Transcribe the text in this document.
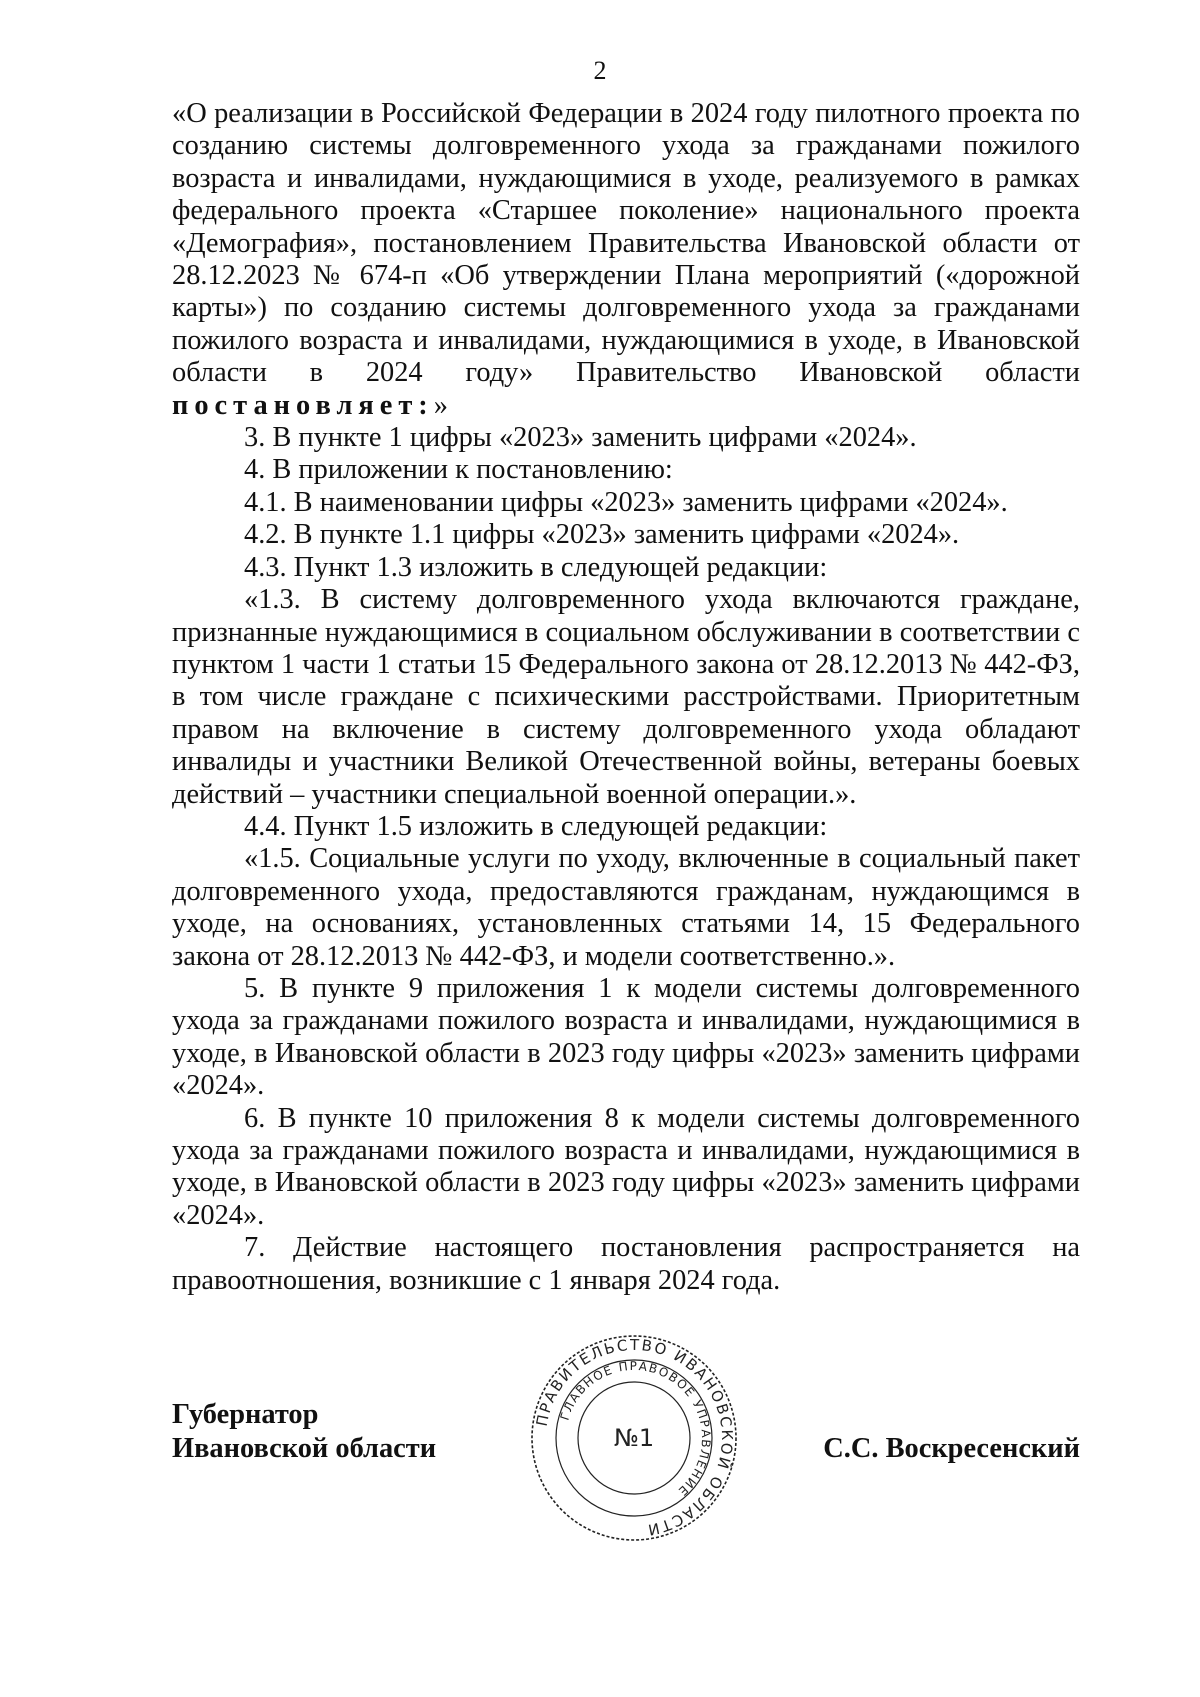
2

«О реализации в Российской Федерации в 2024 году пилотного проекта по созданию системы долговременного ухода за гражданами пожилого возраста и инвалидами, нуждающимися в уходе, реализуемого в рамках федерального проекта «Старшее поколение» национального проекта «Демография», постановлением Правительства Ивановской области от 28.12.2023 № 674-п «Об утверждении Плана мероприятий («дорожной карты») по созданию системы долговременного ухода за гражданами пожилого возраста и инвалидами, нуждающимися в уходе, в Ивановской области в 2024 году» Правительство Ивановской области

постановляет:»

3. В пункте 1 цифры «2023» заменить цифрами «2024».

4. В приложении к постановлению:

4.1. В наименовании цифры «2023» заменить цифрами «2024».

4.2. В пункте 1.1 цифры «2023» заменить цифрами «2024».

4.3. Пункт 1.3 изложить в следующей редакции:

«1.3. В систему долговременного ухода включаются граждане, признанные нуждающимися в социальном обслуживании в соответствии с пунктом 1 части 1 статьи 15 Федерального закона от 28.12.2013 № 442-ФЗ, в том числе граждане с психическими расстройствами. Приоритетным правом на включение в систему долговременного ухода обладают инвалиды и участники Великой Отечественной войны, ветераны боевых действий – участники специальной военной операции.».

4.4. Пункт 1.5 изложить в следующей редакции:

«1.5. Социальные услуги по уходу, включенные в социальный пакет долговременного ухода, предоставляются гражданам, нуждающимся в уходе, на основаниях, установленных статьями 14, 15 Федерального закона от 28.12.2013 № 442-ФЗ, и модели соответственно.».

5. В пункте 9 приложения 1 к модели системы долговременного ухода за гражданами пожилого возраста и инвалидами, нуждающимися в уходе, в Ивановской области в 2023 году цифры «2023» заменить цифрами «2024».

6. В пункте 10 приложения 8 к модели системы долговременного ухода за гражданами пожилого возраста и инвалидами, нуждающимися в уходе, в Ивановской области в 2023 году цифры «2023» заменить цифрами «2024».

7. Действие настоящего постановления распространяется на правоотношения, возникшие с 1 января 2024 года.

Губернатор
Ивановской области
ПРАВИТЕЛЬСТВО ИВАНОВСКОЙ ОБЛАСТИ
ГЛАВНОЕ ПРАВОВОЕ УПРАВЛЕНИЕ
№1	С.С. Воскресенский
